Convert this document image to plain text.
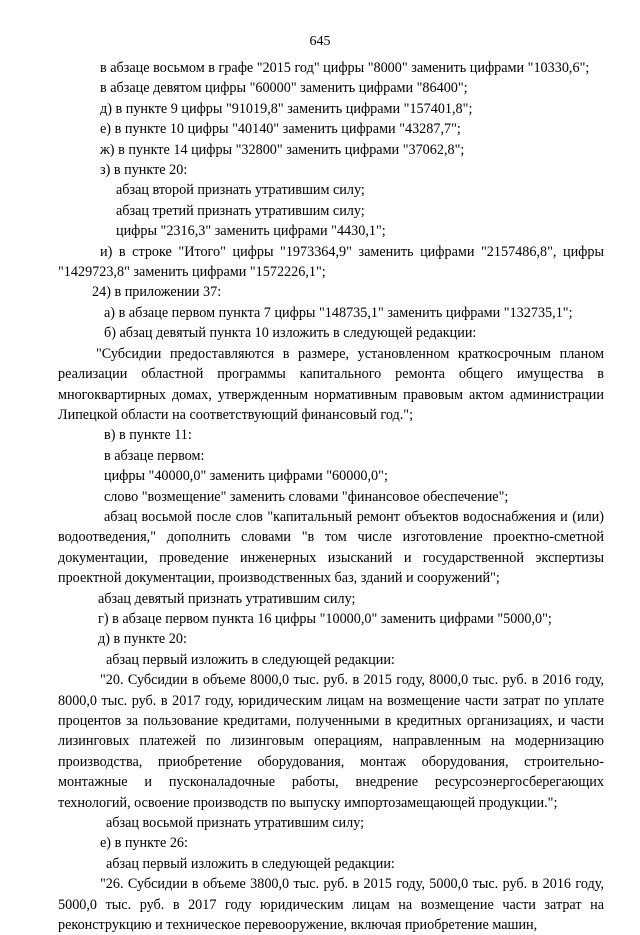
645

в абзаце восьмом в графе "2015 год" цифры "8000" заменить цифрами "10330,6";

в абзаце девятом цифры "60000" заменить цифрами "86400";

д) в пункте 9 цифры "91019,8" заменить цифрами "157401,8";

е) в пункте 10 цифры "40140" заменить цифрами "43287,7";

ж) в пункте 14 цифры "32800" заменить цифрами "37062,8";

з) в пункте 20:

абзац второй признать утратившим силу;

абзац третий признать утратившим силу;

цифры "2316,3" заменить цифрами "4430,1";

и) в строке "Итого" цифры "1973364,9" заменить цифрами "2157486,8", цифры "1429723,8" заменить цифрами "1572226,1";

24) в приложении 37:

а) в абзаце первом пункта 7 цифры "148735,1" заменить цифрами "132735,1";

б) абзац девятый пункта 10 изложить в следующей редакции:

"Субсидии предоставляются в размере, установленном краткосрочным планом реализации областной программы капитального ремонта общего имущества в многоквартирных домах, утвержденным нормативным правовым актом администрации Липецкой области на соответствующий финансовый год.";

в) в пункте 11:

в абзаце первом:

цифры "40000,0" заменить цифрами "60000,0";

слово "возмещение" заменить словами "финансовое обеспечение";

абзац восьмой после слов "капитальный ремонт объектов водоснабжения и (или) водоотведения," дополнить словами "в том числе изготовление проектно-сметной документации, проведение инженерных изысканий и государственной экспертизы проектной документации, производственных баз, зданий и сооружений";

абзац девятый признать утратившим силу;

г) в абзаце первом пункта 16 цифры "10000,0" заменить цифрами "5000,0";

д) в пункте 20:

абзац первый изложить в следующей редакции:

"20. Субсидии в объеме 8000,0 тыс. руб. в 2015 году, 8000,0 тыс. руб. в 2016 году, 8000,0 тыс. руб. в 2017 году, юридическим лицам на возмещение части затрат по уплате процентов за пользование кредитами, полученными в кредитных организациях, и части лизинговых платежей по лизинговым операциям, направленным на модернизацию производства, приобретение оборудования, монтаж оборудования, строительно-монтажные и пусконаладочные работы, внедрение ресурсоэнергосберегающих технологий, освоение производств по выпуску импортозамещающей продукции.";

абзац восьмой признать утратившим силу;

е) в пункте 26:

абзац первый изложить в следующей редакции:

"26. Субсидии в объеме 3800,0 тыс. руб. в 2015 году, 5000,0 тыс. руб. в 2016 году, 5000,0 тыс. руб. в 2017 году юридическим лицам на возмещение части затрат на реконструкцию и техническое перевооружение, включая приобретение машин,
